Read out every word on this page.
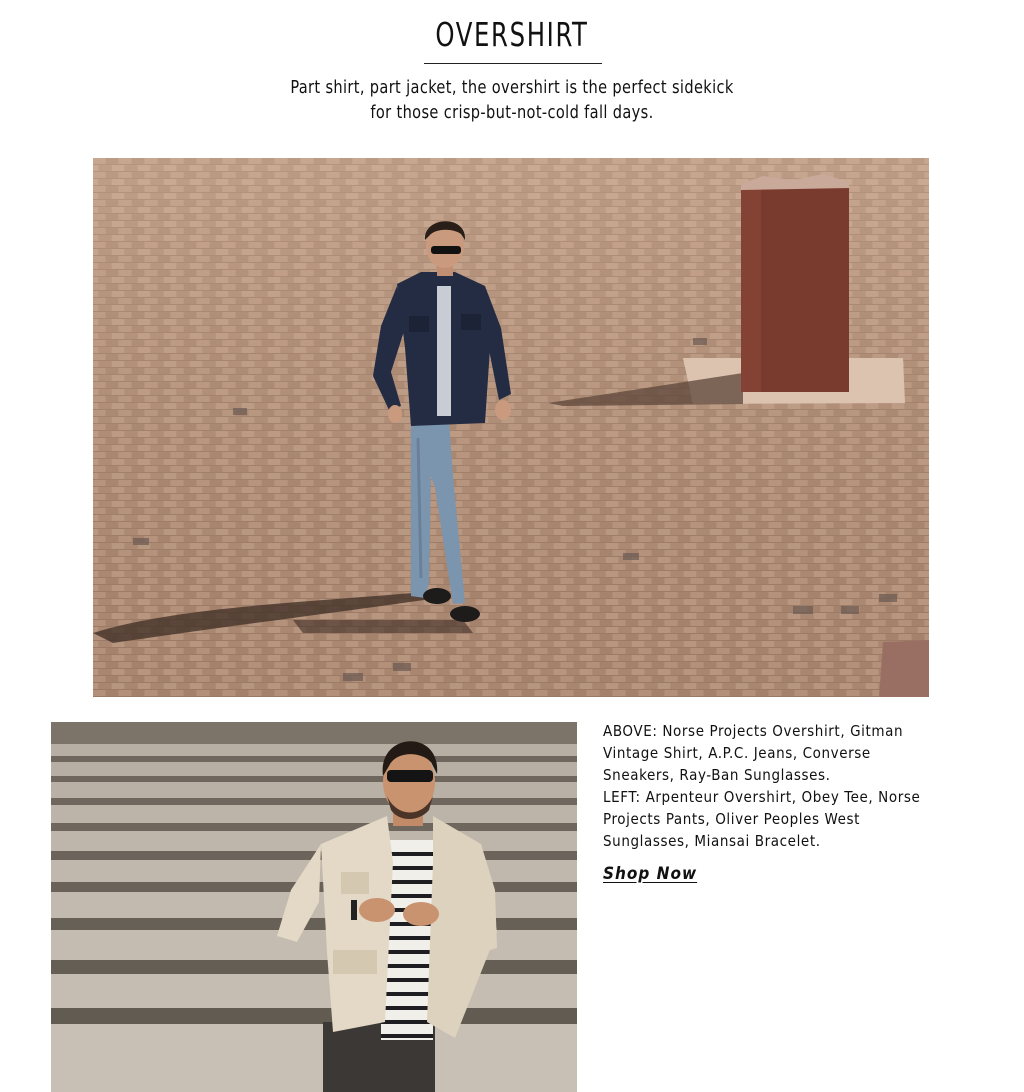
OVERSHIRT
Part shirt, part jacket, the overshirt is the perfect sidekick for those crisp-but-not-cold fall days.

ABOVE: Norse Projects Overshirt, Gitman Vintage Shirt, A.P.C. Jeans, Converse Sneakers, Ray-Ban Sunglasses.

LEFT: Arpenteur Overshirt, Obey Tee, Norse Projects Pants, Oliver Peoples West Sunglasses, Miansai Bracelet.

Shop Now
